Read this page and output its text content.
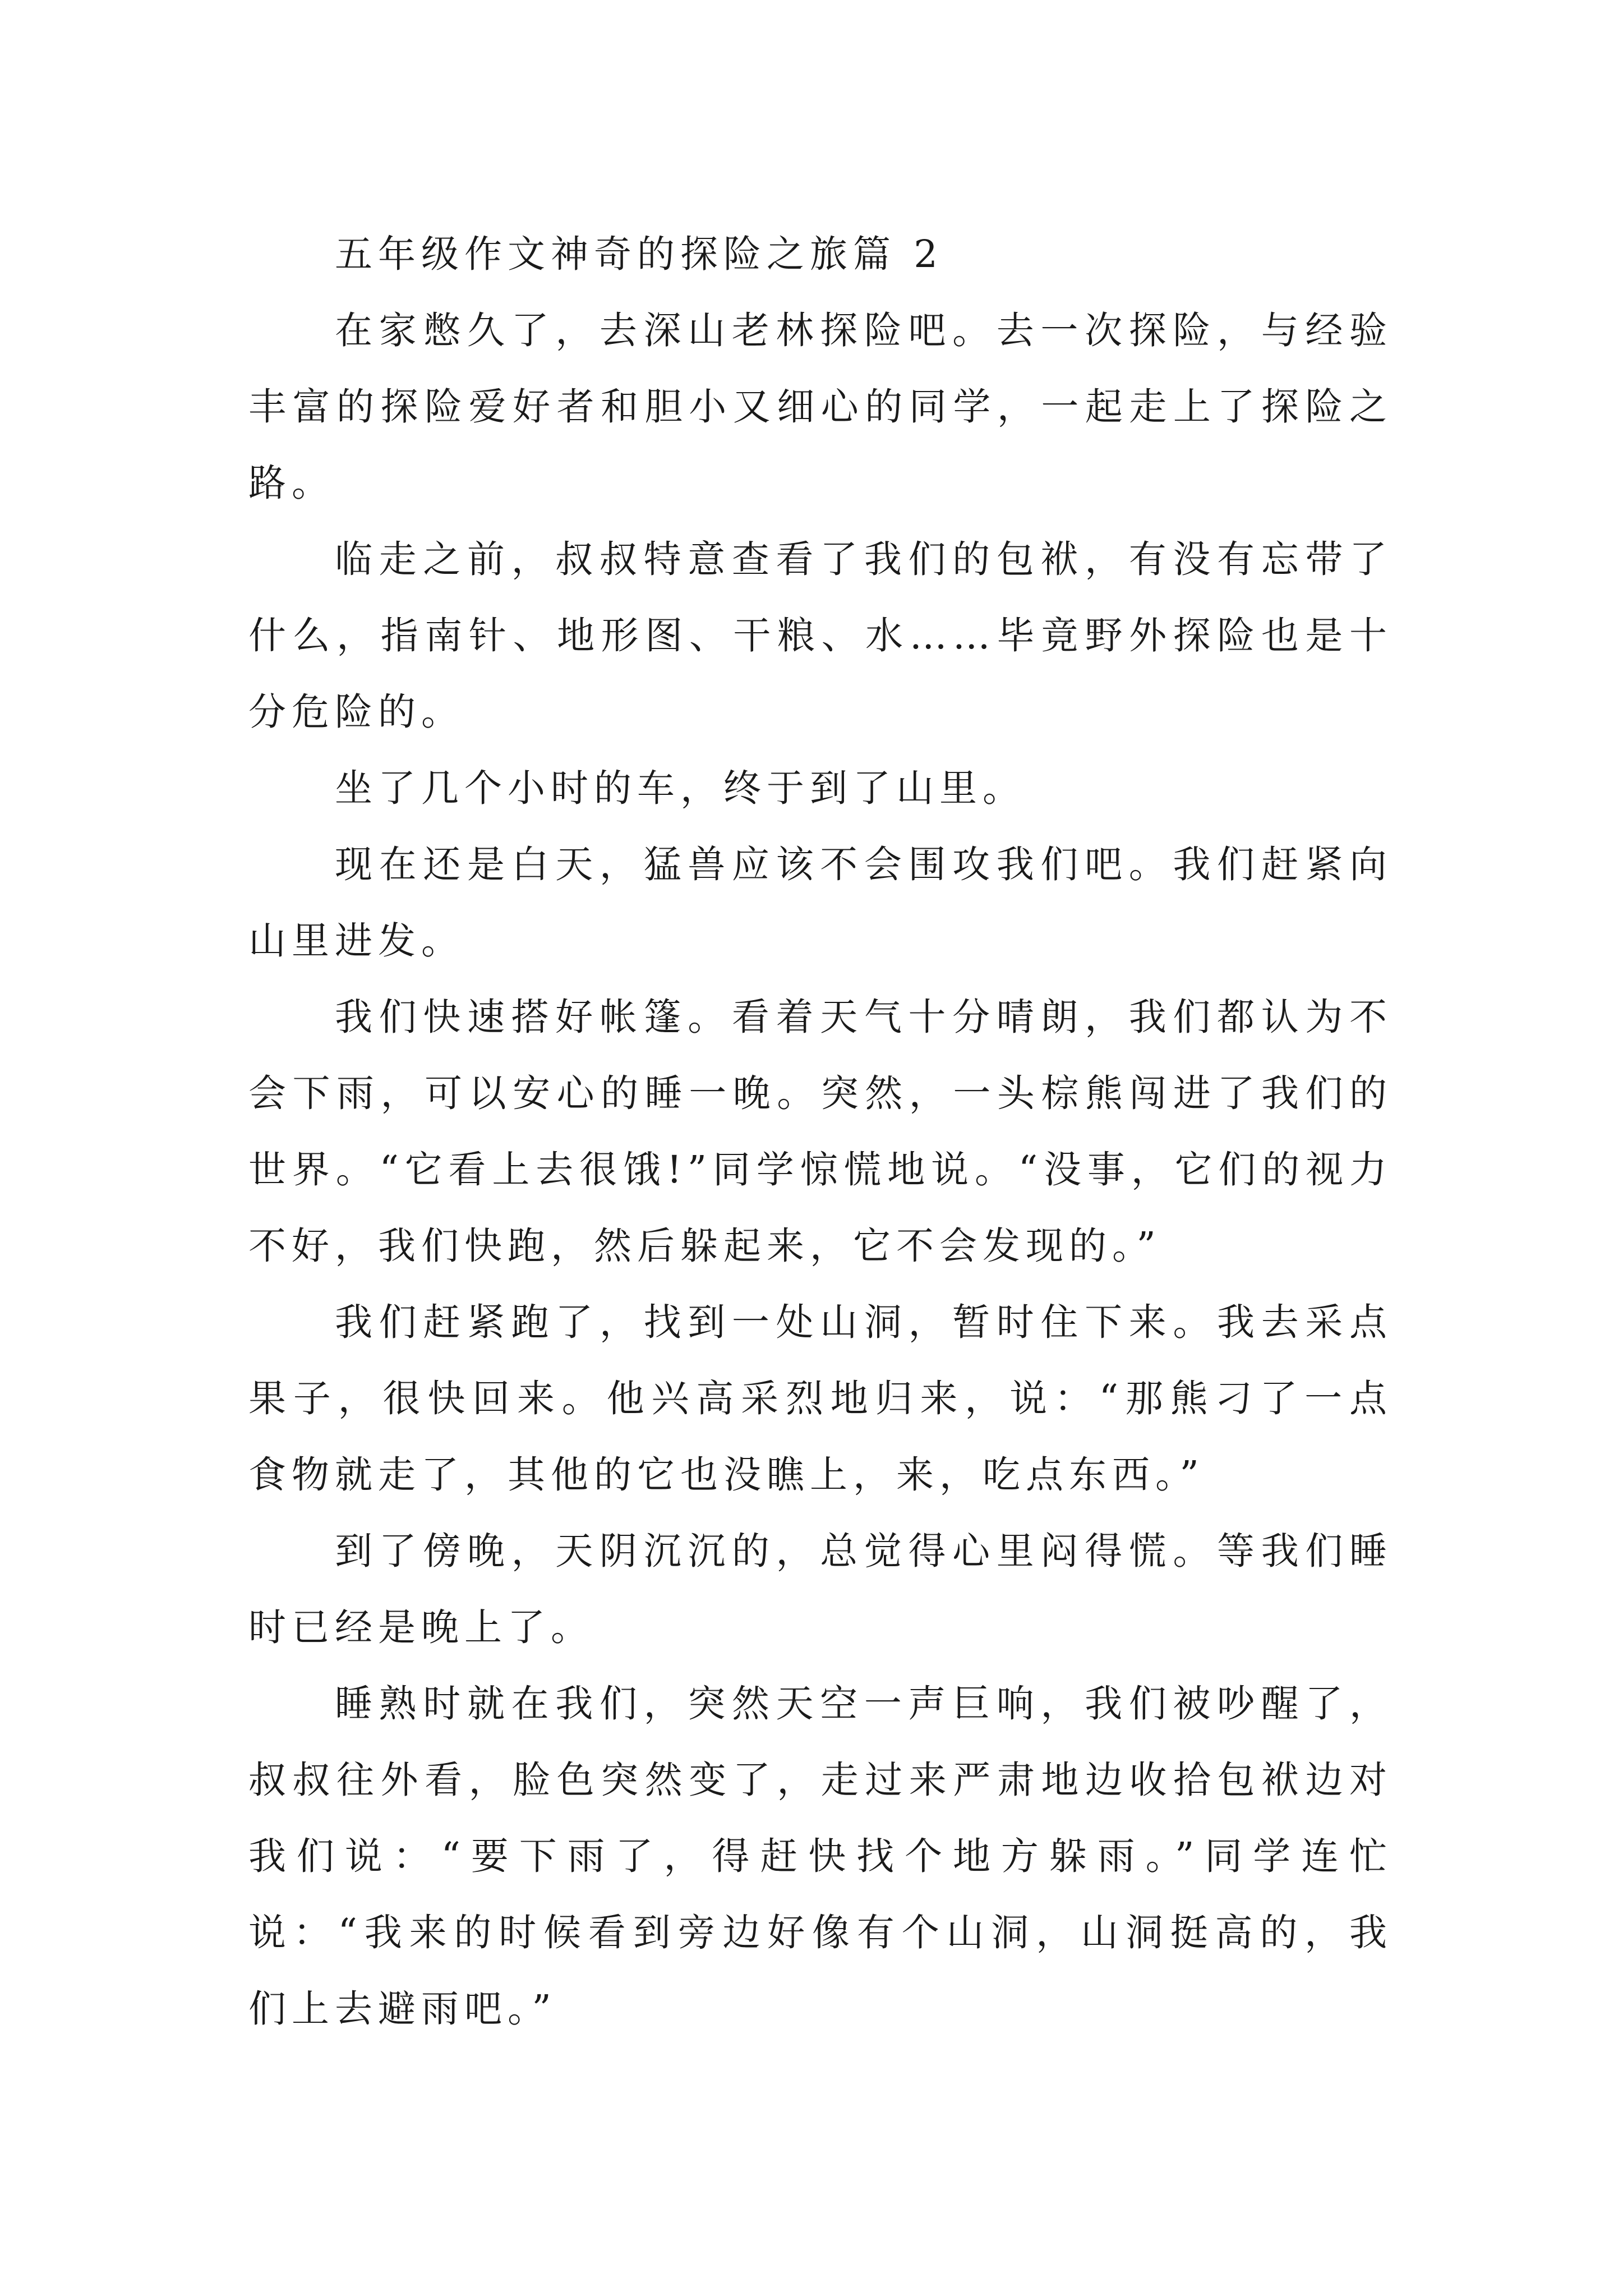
五年级作文神奇的探险之旅篇 2

在家憋久了，去深山老林探险吧。去一次探险，与经验丰富的探险爱好者和胆小又细心的同学，一起走上了探险之路。

临走之前，叔叔特意查看了我们的包袱，有没有忘带了什么，指南针、地形图、干粮、水……毕竟野外探险也是十分危险的。

坐了几个小时的车，终于到了山里。

现在还是白天，猛兽应该不会围攻我们吧。我们赶紧向山里进发。

我们快速搭好帐篷。看着天气十分晴朗，我们都认为不会下雨，可以安心的睡一晚。突然，一头棕熊闯进了我们的世界。“它看上去很饿!”同学惊慌地说。“没事，它们的视力不好，我们快跑，然后躲起来，它不会发现的。”

我们赶紧跑了，找到一处山洞，暂时住下来。我去采点果子，很快回来。他兴高采烈地归来，说：“那熊刁了一点食物就走了，其他的它也没瞧上，来，吃点东西。”

到了傍晚，天阴沉沉的，总觉得心里闷得慌。等我们睡时已经是晚上了。

睡熟时就在我们，突然天空一声巨响，我们被吵醒了，叔叔往外看，脸色突然变了，走过来严肃地边收拾包袱边对我们说：“要下雨了，得赶快找个地方躲雨。”同学连忙说：“我来的时候看到旁边好像有个山洞，山洞挺高的，我们上去避雨吧。”
